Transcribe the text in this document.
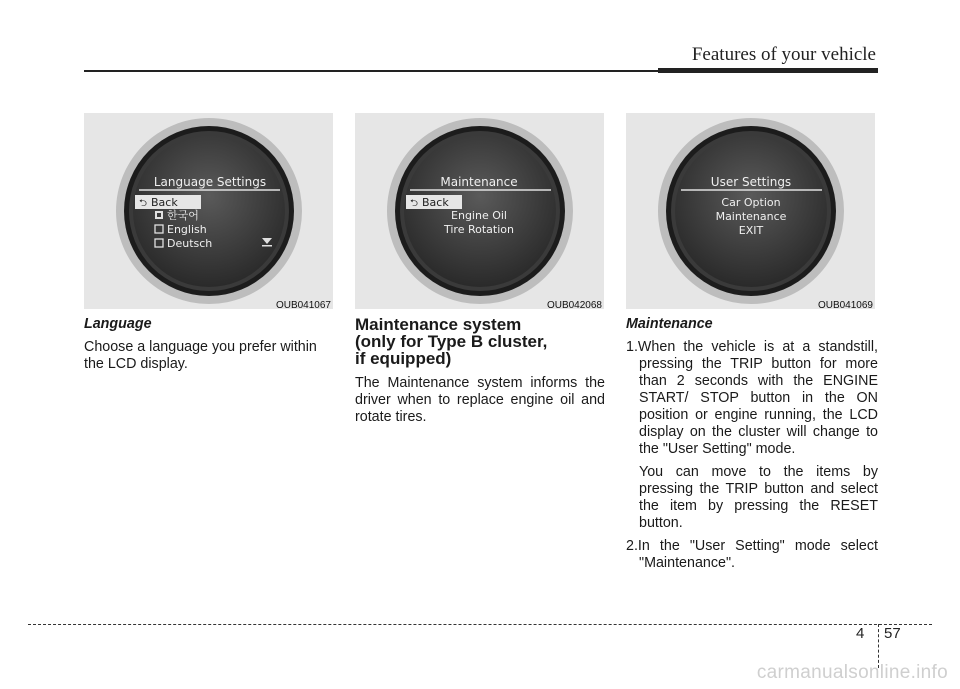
Features of your vehicle
Language Settings
⮌ Back
한국어
English
Deutsch
OUB041067
Maintenance
⮌ Back
Engine Oil
Tire Rotation
OUB042068
User Settings
Car Option
Maintenance
EXIT
OUB041069
Language

Choose a language you prefer within the LCD display.

Maintenance system
(only for Type B cluster,
if equipped)

The Maintenance system informs the driver when to replace engine oil and rotate tires.

Maintenance

1.When the vehicle is at a standstill, pressing the TRIP button for more than 2 seconds with the ENGINE START/ STOP button in the ON position or engine running, the LCD display on the cluster will change to the "User Setting" mode.

You can move to the items by pressing the TRIP button and select the item by pressing the RESET button.

2.In the "User Setting" mode select "Maintenance".

4 57
carmanualsonline.info
